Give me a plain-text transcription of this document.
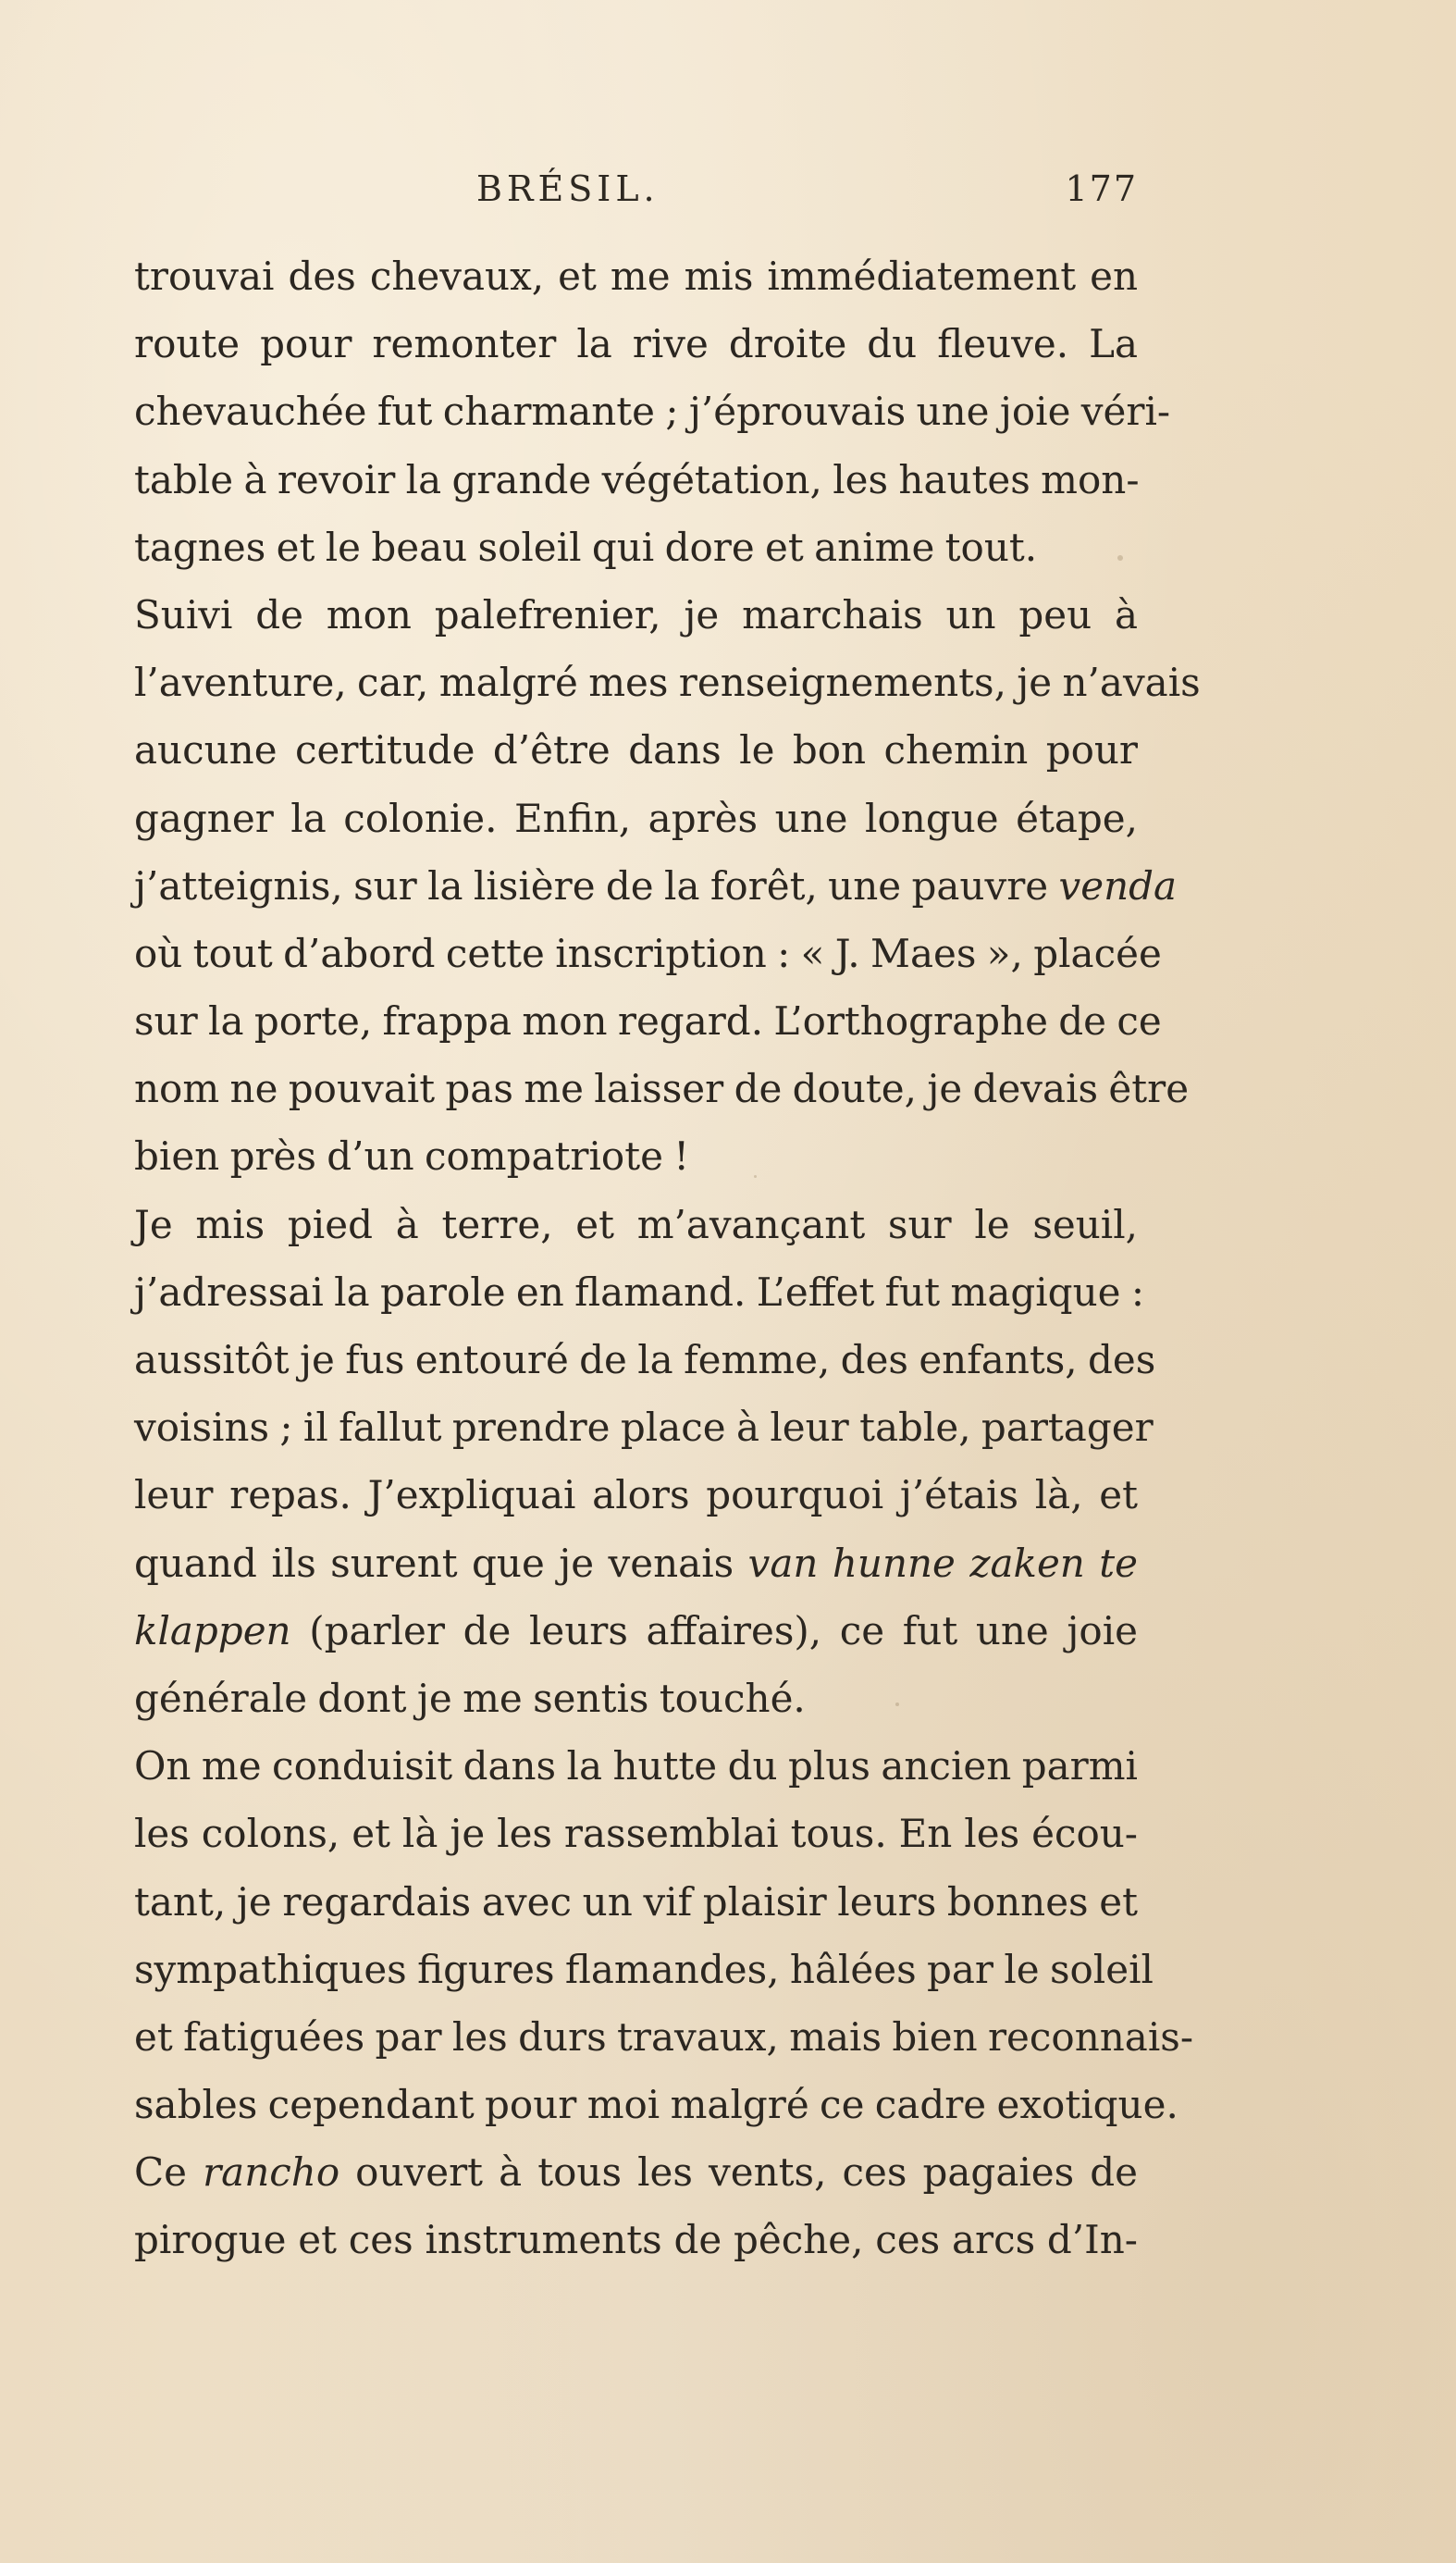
BRÉSIL.	177
trouvai des chevaux, et me mis immédiatement en
route pour remonter la rive droite du fleuve. La
chevauchée fut charmante ; j’éprouvais une joie véri-
table à revoir la grande végétation, les hautes mon-
tagnes et le beau soleil qui dore et anime tout.
Suivi de mon palefrenier, je marchais un peu à
l’aventure, car, malgré mes renseignements, je n’avais
aucune certitude d’être dans le bon chemin pour
gagner la colonie. Enfin, après une longue étape,
j’atteignis, sur la lisière de la forêt, une pauvre venda
où tout d’abord cette inscription : « J. Maes », placée
sur la porte, frappa mon regard. L’orthographe de ce
nom ne pouvait pas me laisser de doute, je devais être
bien près d’un compatriote !
Je mis pied à terre, et m’avançant sur le seuil,
j’adressai la parole en flamand. L’effet fut magique :
aussitôt je fus entouré de la femme, des enfants, des
voisins ; il fallut prendre place à leur table, partager
leur repas. J’expliquai alors pourquoi j’étais là, et
quand ils surent que je venais van hunne zaken te
klappen (parler de leurs affaires), ce fut une joie
générale dont je me sentis touché.
On me conduisit dans la hutte du plus ancien parmi
les colons, et là je les rassemblai tous. En les écou-
tant, je regardais avec un vif plaisir leurs bonnes et
sympathiques figures flamandes, hâlées par le soleil
et fatiguées par les durs travaux, mais bien reconnais-
sables cependant pour moi malgré ce cadre exotique.
Ce rancho ouvert à tous les vents, ces pagaies de
pirogue et ces instruments de pêche, ces arcs d’In-
